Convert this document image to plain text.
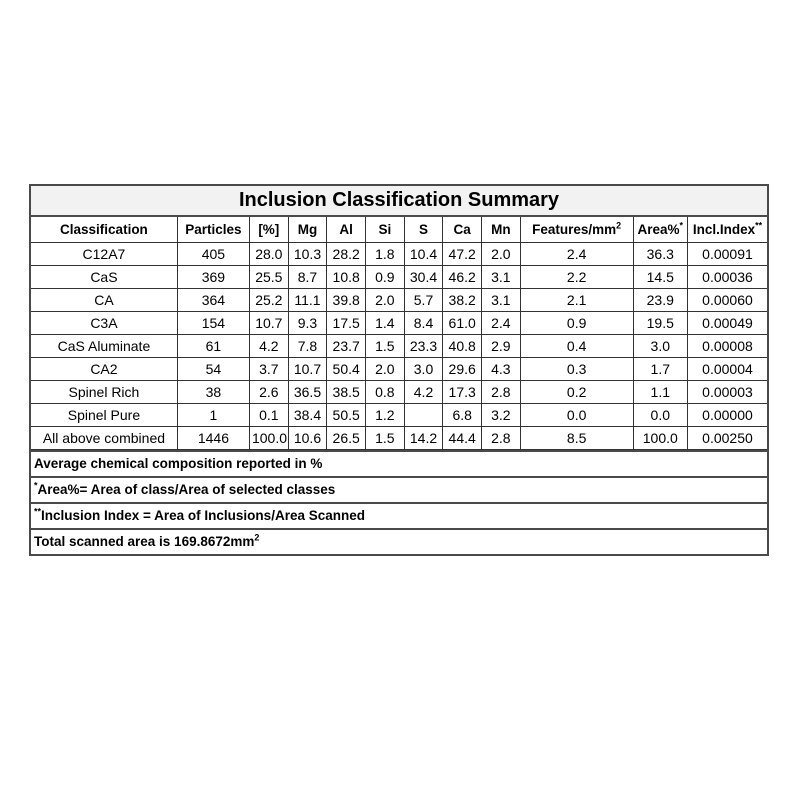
Inclusion Classification Summary
Classification	Particles	[%]	Mg	Al	Si	S	Ca	Mn	Features/$mm^2$	Area%*	Incl.Index**
C12A7	405	28.0	10.3	28.2	1.8	10.4	47.2	2.0	2.4	36.3	0.00091
CaS	369	25.5	8.7	10.8	0.9	30.4	46.2	3.1	2.2	14.5	0.00036
CA	364	25.2	11.1	39.8	2.0	5.7	38.2	3.1	2.1	23.9	0.00060
C3A	154	10.7	9.3	17.5	1.4	8.4	61.0	2.4	0.9	19.5	0.00049
CaS Aluminate	61	4.2	7.8	23.7	1.5	23.3	40.8	2.9	0.4	3.0	0.00008
CA2	54	3.7	10.7	50.4	2.0	3.0	29.6	4.3	0.3	1.7	0.00004
Spinel Rich	38	2.6	36.5	38.5	0.8	4.2	17.3	2.8	0.2	1.1	0.00003
Spinel Pure	1	0.1	38.4	50.5	1.2		6.8	3.2	0.0	0.0	0.00000
All above combined	1446	100.0	10.6	26.5	1.5	14.2	44.4	2.8	8.5	100.0	0.00250
Average chemical composition reported in %
*Area%= Area of class/Area of selected classes
**Inclusion Index = Area of Inclusions/Area Scanned
Total scanned area is $169.8672mm^2$
